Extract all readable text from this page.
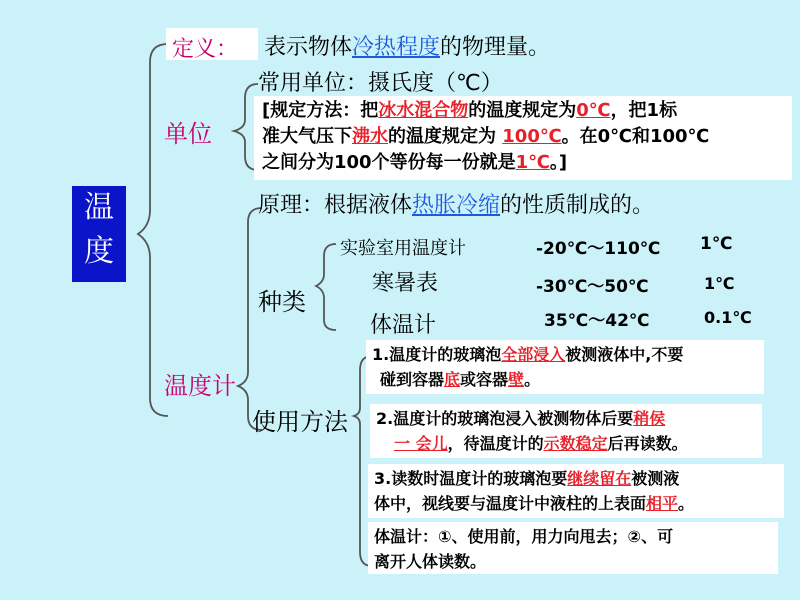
温
度
定义： 表示物体冷热程度的物理量。
单位
常用单位：摄氏度（℃）
[规定方法：把冰水混合物的温度规定为0℃，把1标
准大气压下沸水的温度规定为 100℃。在0℃和100℃
之间分为100个等份每一份就是1℃。]
温度计
原理：根据液体热胀冷缩的性质制成的。
种类
实验室用温度计	-20℃～110℃ 1℃
寒暑表	-30℃～50℃	1℃
体温计	35℃～42℃	0.1℃
使用方法
1.温度计的玻璃泡全部浸入被测液体中,不要
碰到容器底或容器壁。
2.温度计的玻璃泡浸入被测物体后要稍侯
一 会儿，待温度计的示数稳定后再读数。
3.读数时温度计的玻璃泡要继续留在被测液
体中，视线要与温度计中液柱的上表面相平。
体温计：①、使用前，用力向甩去；②、可
离开人体读数。
